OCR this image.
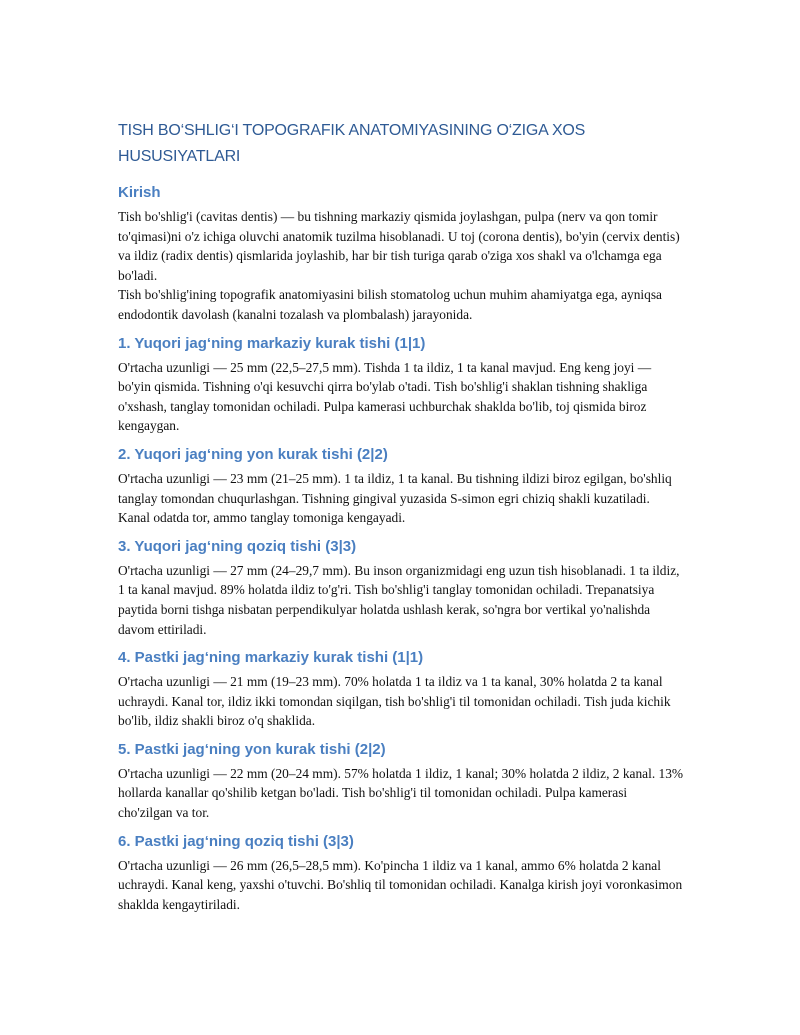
TISH BO‘SHLIG‘I TOPOGRAFIK ANATOMIYASINING O‘ZIGA XOS
HUSUSIYATLARI
Kirish

Tish bo'shlig'i (cavitas dentis) — bu tishning markaziy qismida joylashgan, pulpa (nerv va qon tomir to'qimasi)ni o'z ichiga oluvchi anatomik tuzilma hisoblanadi. U toj (corona dentis), bo'yin (cervix dentis) va ildiz (radix dentis) qismlarida joylashib, har bir tish turiga qarab o'ziga xos shakl va o'lchamga ega bo'ladi.

Tish bo'shlig'ining topografik anatomiyasini bilish stomatolog uchun muhim ahamiyatga ega, ayniqsa endodontik davolash (kanalni tozalash va plombalash) jarayonida.

1. Yuqori jag‘ning markaziy kurak tishi (1|1)

O'rtacha uzunligi — 25 mm (22,5–27,5 mm). Tishda 1 ta ildiz, 1 ta kanal mavjud. Eng keng joyi — bo'yin qismida. Tishning o'qi kesuvchi qirra bo'ylab o'tadi. Tish bo'shlig'i shaklan tishning shakliga o'xshash, tanglay tomonidan ochiladi. Pulpa kamerasi uchburchak shaklda bo'lib, toj qismida biroz kengaygan.

2. Yuqori jag‘ning yon kurak tishi (2|2)

O'rtacha uzunligi — 23 mm (21–25 mm). 1 ta ildiz, 1 ta kanal. Bu tishning ildizi biroz egilgan, bo'shliq tanglay tomondan chuqurlashgan. Tishning gingival yuzasida S-simon egri chiziq shakli kuzatiladi. Kanal odatda tor, ammo tanglay tomoniga kengayadi.

3. Yuqori jag‘ning qoziq tishi (3|3)

O'rtacha uzunligi — 27 mm (24–29,7 mm). Bu inson organizmidagi eng uzun tish hisoblanadi. 1 ta ildiz, 1 ta kanal mavjud. 89% holatda ildiz to'g'ri. Tish bo'shlig'i tanglay tomonidan ochiladi. Trepanatsiya paytida borni tishga nisbatan perpendikulyar holatda ushlash kerak, so'ngra bor vertikal yo'nalishda davom ettiriladi.

4. Pastki jag‘ning markaziy kurak tishi (1|1)

O'rtacha uzunligi — 21 mm (19–23 mm). 70% holatda 1 ta ildiz va 1 ta kanal, 30% holatda 2 ta kanal uchraydi. Kanal tor, ildiz ikki tomondan siqilgan, tish bo'shlig'i til tomonidan ochiladi. Tish juda kichik bo'lib, ildiz shakli biroz o'q shaklida.

5. Pastki jag‘ning yon kurak tishi (2|2)

O'rtacha uzunligi — 22 mm (20–24 mm). 57% holatda 1 ildiz, 1 kanal; 30% holatda 2 ildiz, 2 kanal. 13% hollarda kanallar qo'shilib ketgan bo'ladi. Tish bo'shlig'i til tomonidan ochiladi. Pulpa kamerasi cho'zilgan va tor.

6. Pastki jag‘ning qoziq tishi (3|3)

O'rtacha uzunligi — 26 mm (26,5–28,5 mm). Ko'pincha 1 ildiz va 1 kanal, ammo 6% holatda 2 kanal uchraydi. Kanal keng, yaxshi o'tuvchi. Bo'shliq til tomonidan ochiladi. Kanalga kirish joyi voronkasimon shaklda kengaytiriladi.
